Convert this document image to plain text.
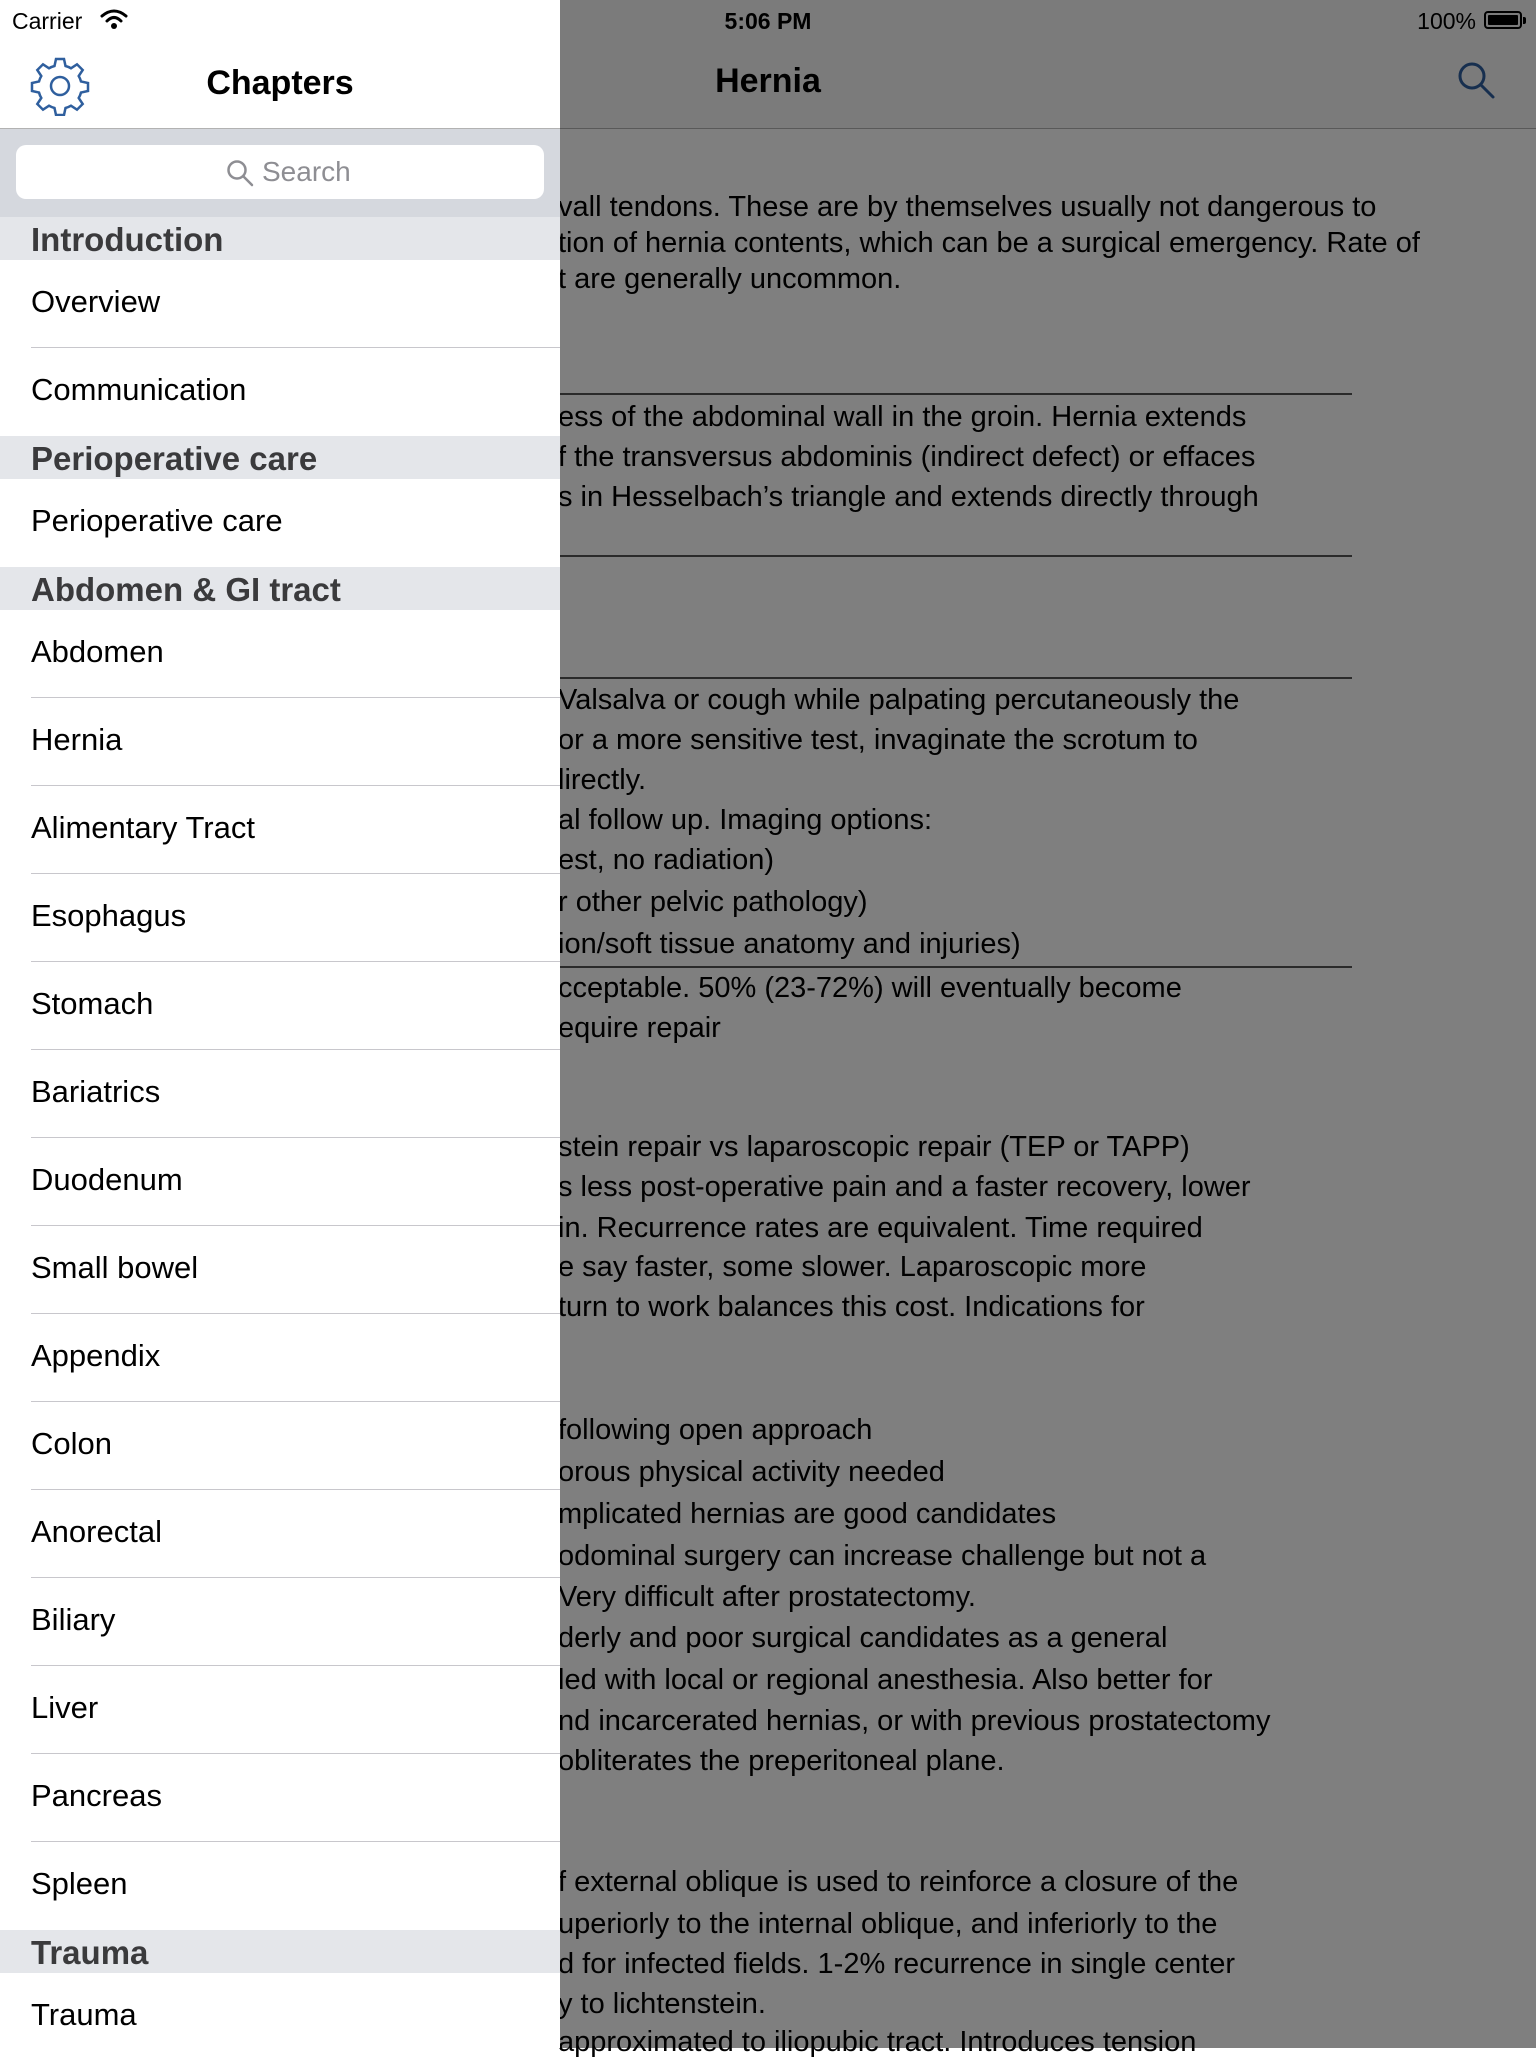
Carrier	5:06 PM	100%
Chapters
Search
Introduction
Overview
Communication
Perioperative care
Perioperative care
Abdomen & GI tract
Abdomen
Hernia
Alimentary Tract
Esophagus
Stomach
Bariatrics
Duodenum
Small bowel
Appendix
Colon
Anorectal
Biliary
Liver
Pancreas
Spleen
Trauma
Trauma
